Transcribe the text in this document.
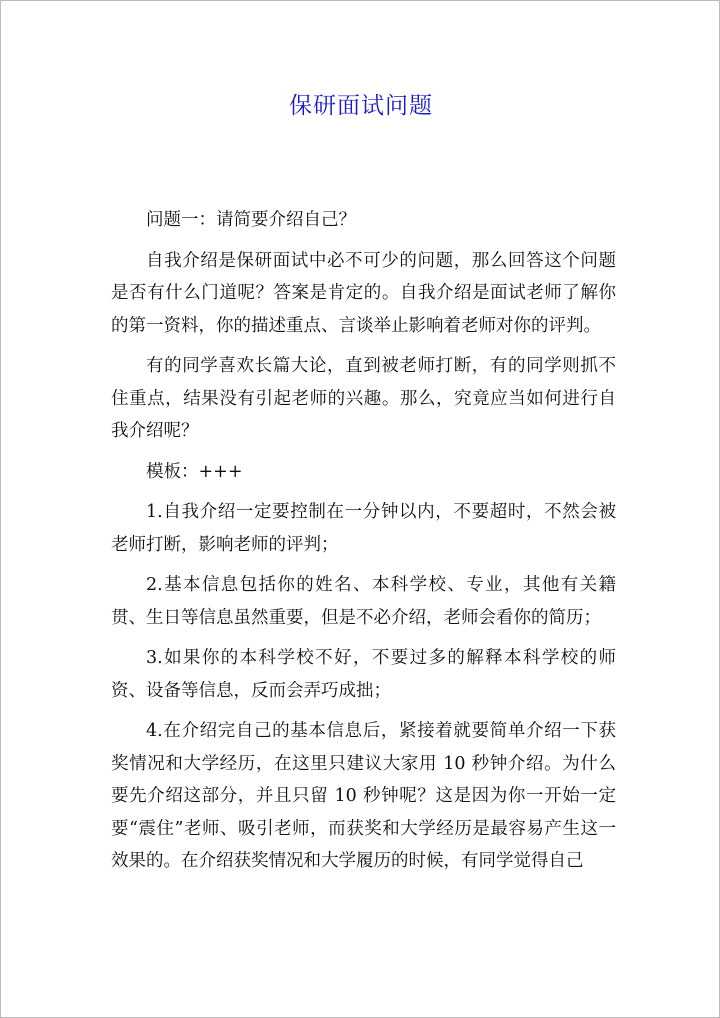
保研面试问题

问题一：请简要介绍自己？

自我介绍是保研面试中必不可少的问题，那么回答这个问题是否有什么门道呢？答案是肯定的。自我介绍是面试老师了解你的第一资料，你的描述重点、言谈举止影响着老师对你的评判。

有的同学喜欢长篇大论，直到被老师打断，有的同学则抓不住重点，结果没有引起老师的兴趣。那么，究竟应当如何进行自我介绍呢？

模板：+++

1.自我介绍一定要控制在一分钟以内，不要超时，不然会被老师打断，影响老师的评判；

2.基本信息包括你的姓名、本科学校、专业，其他有关籍贯、生日等信息虽然重要，但是不必介绍，老师会看你的简历；

3.如果你的本科学校不好，不要过多的解释本科学校的师资、设备等信息，反而会弄巧成拙；

4.在介绍完自己的基本信息后，紧接着就要简单介绍一下获奖情况和大学经历，在这里只建议大家用 10 秒钟介绍。为什么要先介绍这部分，并且只留 10 秒钟呢？这是因为你一开始一定要“震住”老师、吸引老师，而获奖和大学经历是最容易产生这一效果的。在介绍获奖情况和大学履历的时候，有同学觉得自己
